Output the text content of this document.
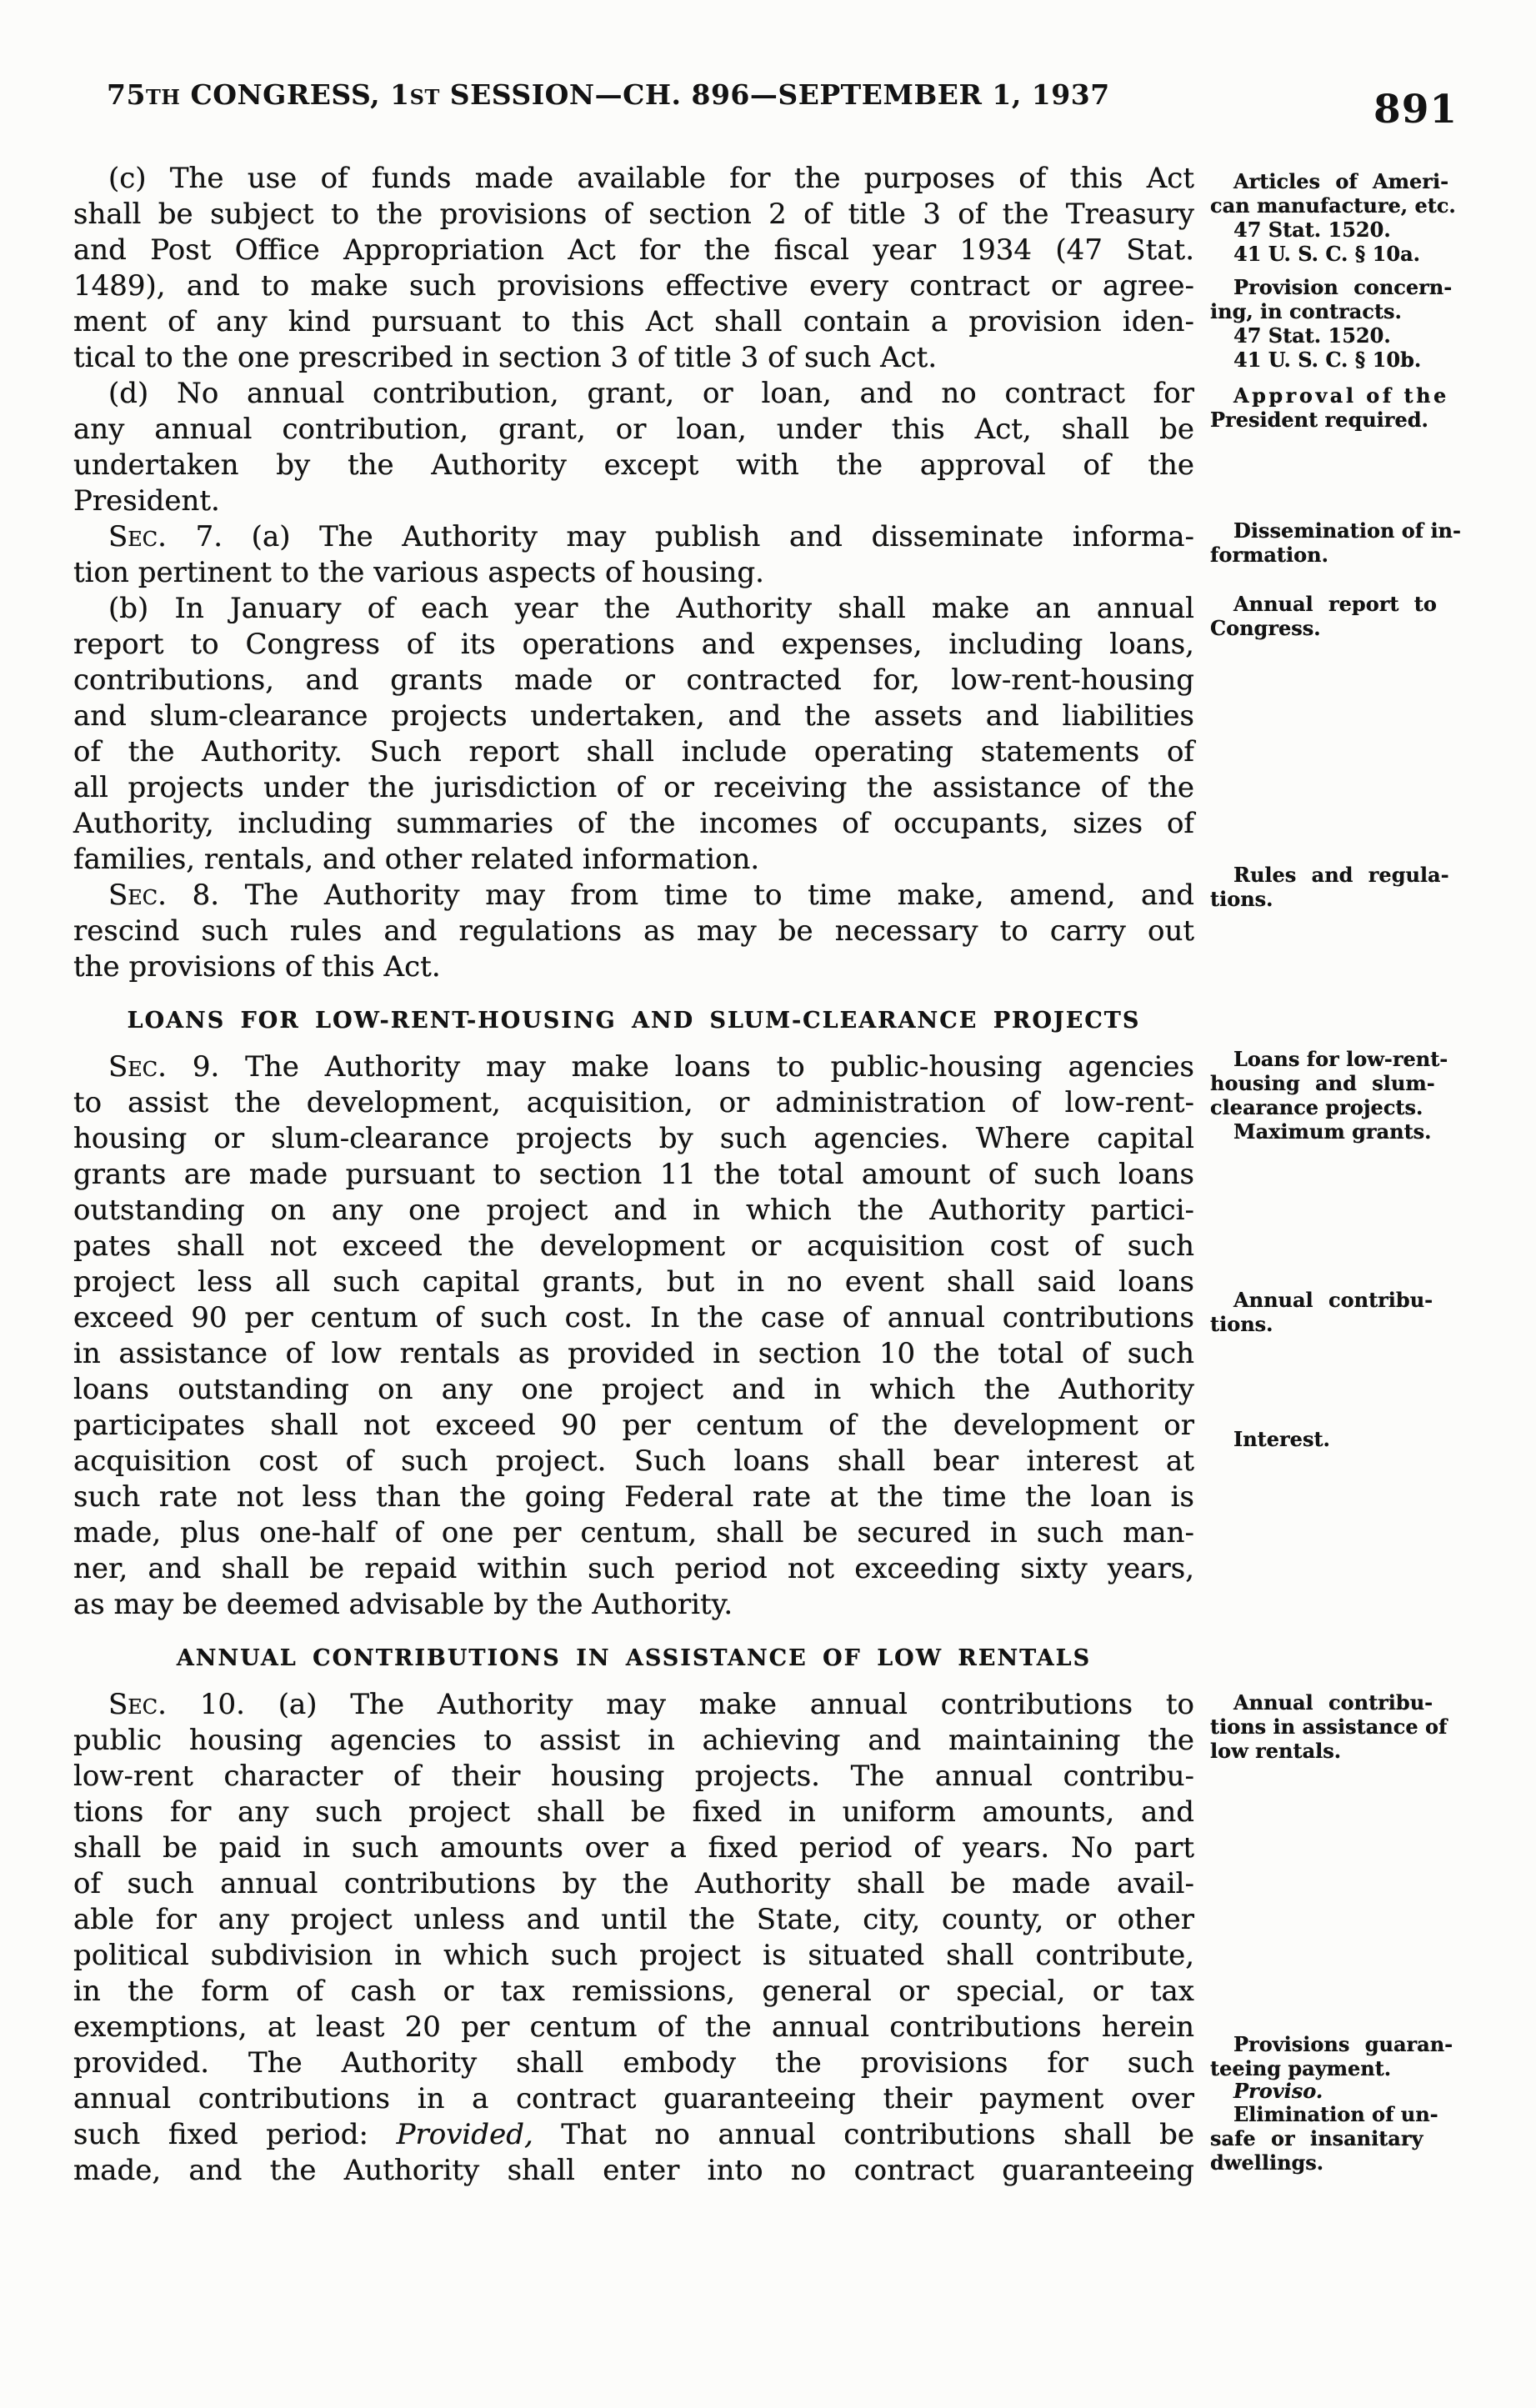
75TH CONGRESS, 1ST SESSION—CH. 896—SEPTEMBER 1, 1937	891
(c) The use of funds made available for the purposes of this Act
shall be subject to the provisions of section 2 of title 3 of the Treasury
and Post Office Appropriation Act for the fiscal year 1934 (47 Stat.
1489), and to make such provisions effective every contract or agree-
ment of any kind pursuant to this Act shall contain a provision iden-
tical to the one prescribed in section 3 of title 3 of such Act.
(d) No annual contribution, grant, or loan, and no contract for
any annual contribution, grant, or loan, under this Act, shall be
undertaken by the Authority except with the approval of the
President.
Sec. 7. (a) The Authority may publish and disseminate informa-
tion pertinent to the various aspects of housing.
(b) In January of each year the Authority shall make an annual
report to Congress of its operations and expenses, including loans,
contributions, and grants made or contracted for, low-rent-housing
and slum-clearance projects undertaken, and the assets and liabilities
of the Authority. Such report shall include operating statements of
all projects under the jurisdiction of or receiving the assistance of the
Authority, including summaries of the incomes of occupants, sizes of
families, rentals, and other related information.
Sec. 8. The Authority may from time to time make, amend, and
rescind such rules and regulations as may be necessary to carry out
the provisions of this Act.
LOANS FOR LOW-RENT-HOUSING AND SLUM-CLEARANCE PROJECTS
Sec. 9. The Authority may make loans to public-housing agencies
to assist the development, acquisition, or administration of low-rent-
housing or slum-clearance projects by such agencies. Where capital
grants are made pursuant to section 11 the total amount of such loans
outstanding on any one project and in which the Authority partici-
pates shall not exceed the development or acquisition cost of such
project less all such capital grants, but in no event shall said loans
exceed 90 per centum of such cost. In the case of annual contributions
in assistance of low rentals as provided in section 10 the total of such
loans outstanding on any one project and in which the Authority
participates shall not exceed 90 per centum of the development or
acquisition cost of such project. Such loans shall bear interest at
such rate not less than the going Federal rate at the time the loan is
made, plus one-half of one per centum, shall be secured in such man-
ner, and shall be repaid within such period not exceeding sixty years,
as may be deemed advisable by the Authority.
ANNUAL CONTRIBUTIONS IN ASSISTANCE OF LOW RENTALS
Sec. 10. (a) The Authority may make annual contributions to
public housing agencies to assist in achieving and maintaining the
low-rent character of their housing projects. The annual contribu-
tions for any such project shall be fixed in uniform amounts, and
shall be paid in such amounts over a fixed period of years. No part
of such annual contributions by the Authority shall be made avail-
able for any project unless and until the State, city, county, or other
political subdivision in which such project is situated shall contribute,
in the form of cash or tax remissions, general or special, or tax
exemptions, at least 20 per centum of the annual contributions herein
provided. The Authority shall embody the provisions for such
annual contributions in a contract guaranteeing their payment over
such fixed period: Provided, That no annual contributions shall be
made, and the Authority shall enter into no contract guaranteeing
Articles of Ameri-
can manufacture, etc.
47 Stat. 1520.
41 U. S. C. § 10a.
Provision concern-
ing, in contracts.
47 Stat. 1520.
41 U. S. C. § 10b.
Approval of the
President required.
Dissemination of in-
formation.
Annual report to
Congress.
Rules and regula-
tions.
Loans for low-rent-
housing and slum-
clearance projects.
Maximum grants.
Annual contribu-
tions.
Interest.
Annual contribu-
tions in assistance of
low rentals.
Provisions guaran-
teeing payment.
Proviso.
Elimination of un-
safe or insanitary
dwellings.
